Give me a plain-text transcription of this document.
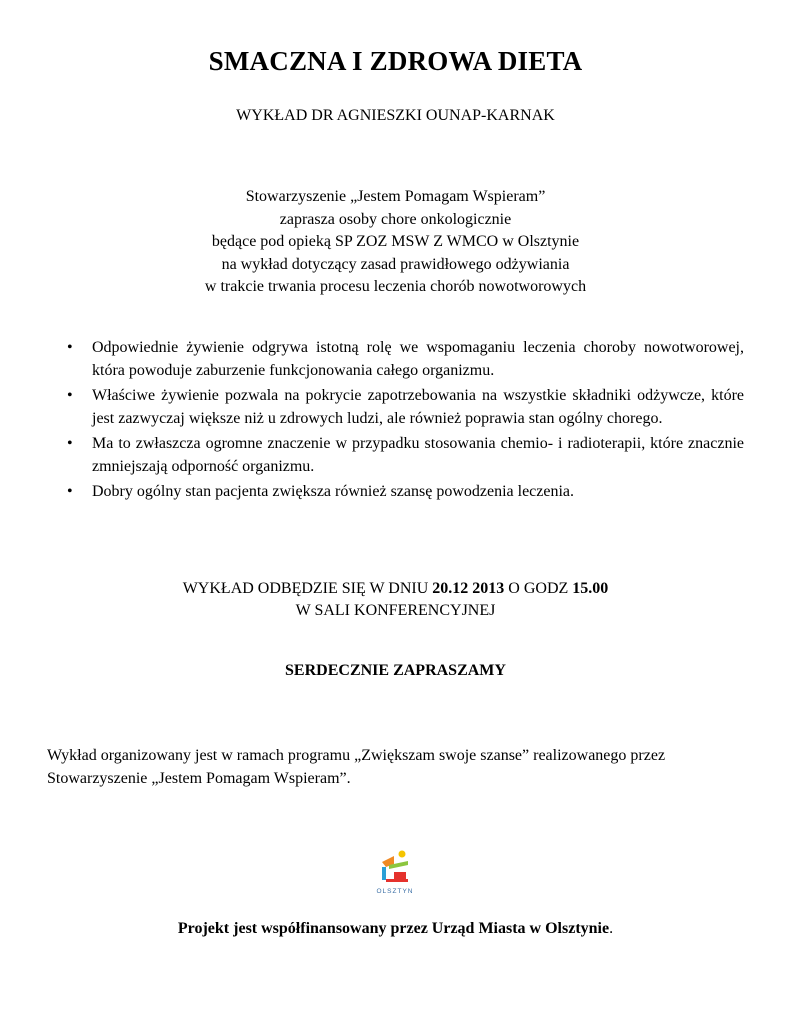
SMACZNA I ZDROWA DIETA
WYKŁAD DR AGNIESZKI OUNAP-KARNAK
Stowarzyszenie „Jestem Pomagam Wspieram”
zaprasza osoby chore onkologicznie
będące pod opieką SP ZOZ MSW Z WMCO w Olsztynie
na wykład dotyczący zasad prawidłowego odżywiania
w trakcie trwania procesu leczenia chorób nowotworowych
• Odpowiednie żywienie odgrywa istotną rolę we wspomaganiu leczenia choroby nowotworowej, która powoduje zaburzenie funkcjonowania całego organizmu.
• Właściwe żywienie pozwala na pokrycie zapotrzebowania na wszystkie składniki odżywcze, które jest zazwyczaj większe niż u zdrowych ludzi, ale również poprawia stan ogólny chorego.
• Ma to zwłaszcza ogromne znaczenie w przypadku stosowania chemio- i radioterapii, które znacznie zmniejszają odporność organizmu.
• Dobry ogólny stan pacjenta zwiększa również szansę powodzenia leczenia.
WYKŁAD ODBĘDZIE SIĘ W DNIU 20.12 2013 O GODZ 15.00
W SALI KONFERENCYJNEJ
SERDECZNIE ZAPRASZAMY
Wykład organizowany jest w ramach programu „Zwiększam swoje szanse” realizowanego przez Stowarzyszenie „Jestem Pomagam Wspieram”.
OLSZTYN
Projekt jest współfinansowany przez Urząd Miasta w Olsztynie.
